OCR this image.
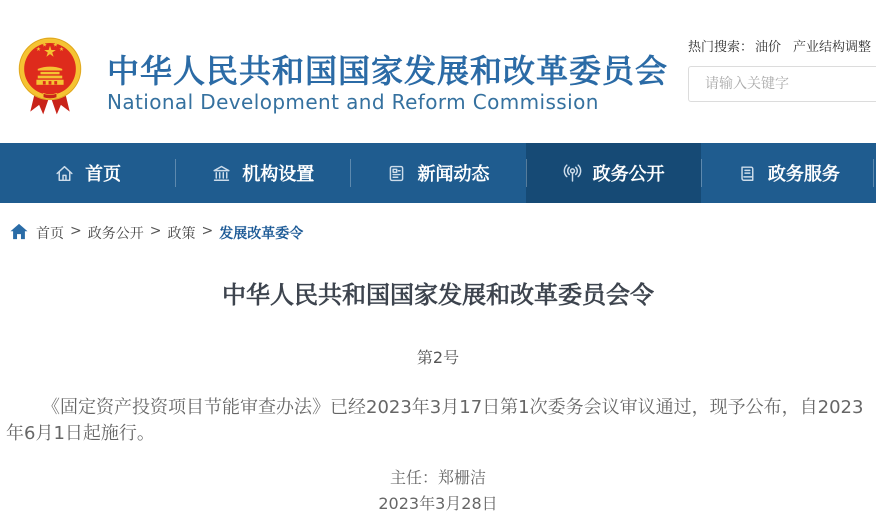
中华人民共和国国家发展和改革委员会
National Development and Reform Commission
热门搜索： 油价 产业结构调整
请输入关键字
首页	机构设置	新闻动态	政务公开	政务服务
首页 > 政务公开 > 政策 > 发展改革委令
中华人民共和国国家发展和改革委员会令
第2号
《固定资产投资项目节能审查办法》已经2023年3月17日第1次委务会议审议通过，现予公布，自2023年6月1日起施行。
主任：郑栅洁
2023年3月28日
